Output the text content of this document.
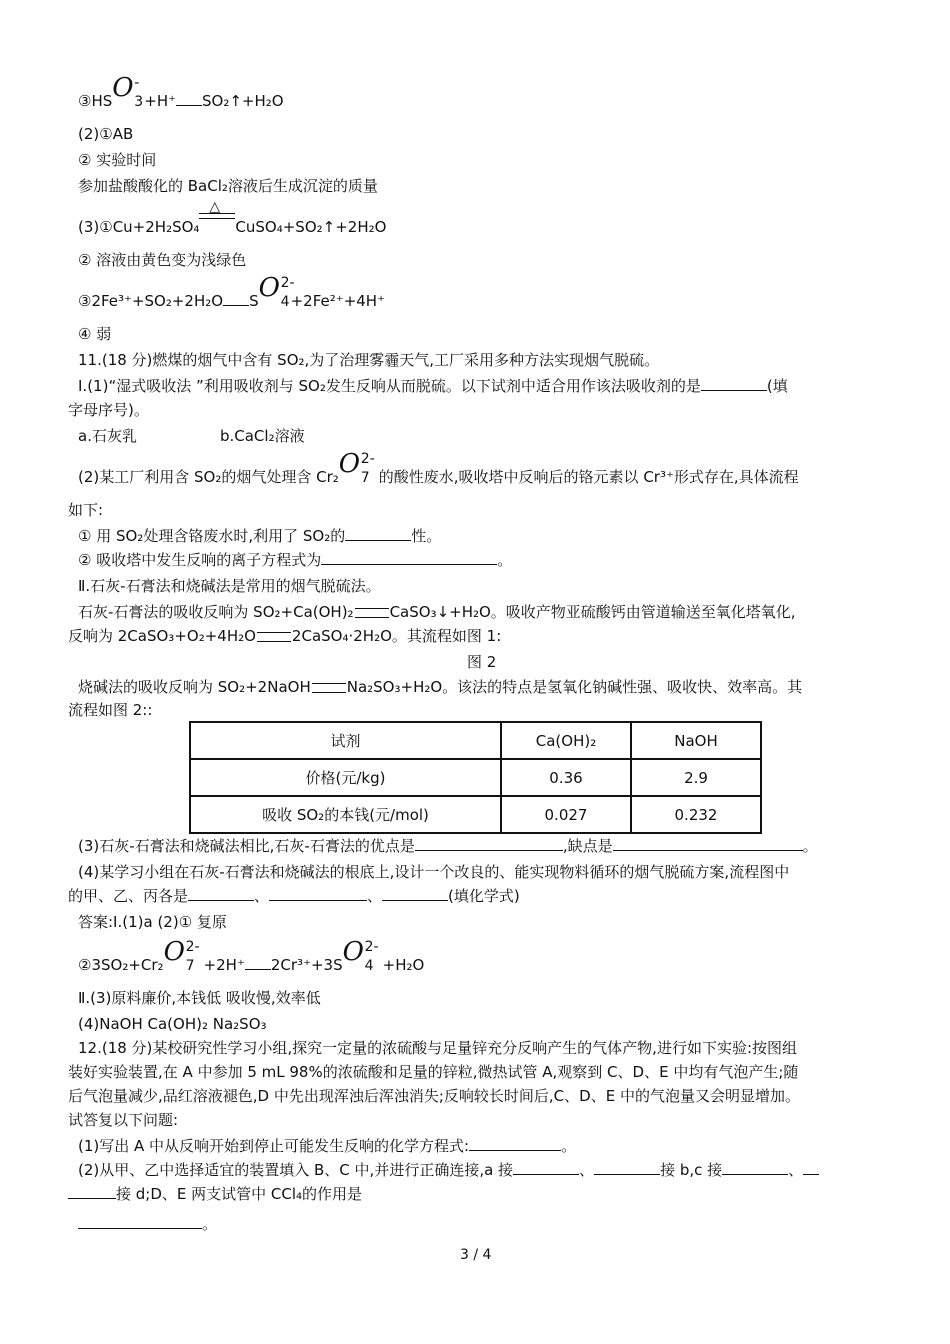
③HS O -
3 +H⁺ SO₂↑+H₂O
(2)①AB
② 实验时间
参加盐酸酸化的 BaCl₂溶液后生成沉淀的质量
(3)①Cu+2H₂SO₄
△
CuSO₄+SO₂↑+2H₂O
② 溶液由黄色变为浅绿色
③2Fe³⁺+SO₂+2H₂O S O 2-
4 +2Fe²⁺+4H⁺
④ 弱
11.(18 分)燃煤的烟气中含有 SO₂,为了治理雾霾天气,工厂采用多种方法实现烟气脱硫。
Ⅰ.(1)“湿式吸收法 ”利用吸收剂与 SO₂发生反响从而脱硫。以下试剂中适合用作该法吸收剂的是	(填
字母序号)。
a.石灰乳	b.CaCl₂溶液
(2)某工厂利用含 SO₂的烟气处理含 Cr₂ O 2-
7 的酸性废水,吸收塔中反响后的铬元素以 Cr³⁺形式存在,具体流程
如下:
① 用 SO₂处理含铬废水时,利用了 SO₂的	性。
② 吸收塔中发生反响的离子方程式为	。
Ⅱ.石灰-石膏法和烧碱法是常用的烟气脱硫法。
石灰-石膏法的吸收反响为 SO₂+Ca(OH)₂ CaSO₃↓+H₂O。吸收产物亚硫酸钙由管道输送至氧化塔氧化,
反响为 2CaSO₃+O₂+4H₂O 2CaSO₄·2H₂O。其流程如图 1:
图 2
烧碱法的吸收反响为 SO₂+2NaOH Na₂SO₃+H₂O。该法的特点是氢氧化钠碱性强、吸收快、效率高。其
流程如图 2::
试剂	Ca(OH)₂	NaOH
价格(元/kg)	0.36	2.9
吸收 SO₂的本钱(元/mol)	0.027	0.232
(3)石灰-石膏法和烧碱法相比,石灰-石膏法的优点是	,缺点是	。
(4)某学习小组在石灰-石膏法和烧碱法的根底上,设计一个改良的、能实现物料循环的烟气脱硫方案,流程图中
的甲、乙、丙各是	、	、	(填化学式)
答案:Ⅰ.(1)a (2)① 复原
②3SO₂+Cr₂ O 2-
7 +2H⁺ 2Cr³⁺+3S O 2-
4 +H₂O
Ⅱ.(3)原料廉价,本钱低 吸收慢,效率低
(4)NaOH Ca(OH)₂ Na₂SO₃
12.(18 分)某校研究性学习小组,探究一定量的浓硫酸与足量锌充分反响产生的气体产物,进行如下实验:按图组
装好实验装置,在 A 中参加 5 mL 98%的浓硫酸和足量的锌粒,微热试管 A,观察到 C、D、E 中均有气泡产生;随
后气泡量减少,品红溶液褪色,D 中先出现浑浊后浑浊消失;反响较长时间后,C、D、E 中的气泡量又会明显增加。
试答复以下问题:
(1)写出 A 中从反响开始到停止可能发生反响的化学方程式:	。
(2)从甲、乙中选择适宜的装置填入 B、C 中,并进行正确连接,a 接	、	接 b,c 接	、
接 d;D、E 两支试管中 CCl₄的作用是
。
3 / 4
